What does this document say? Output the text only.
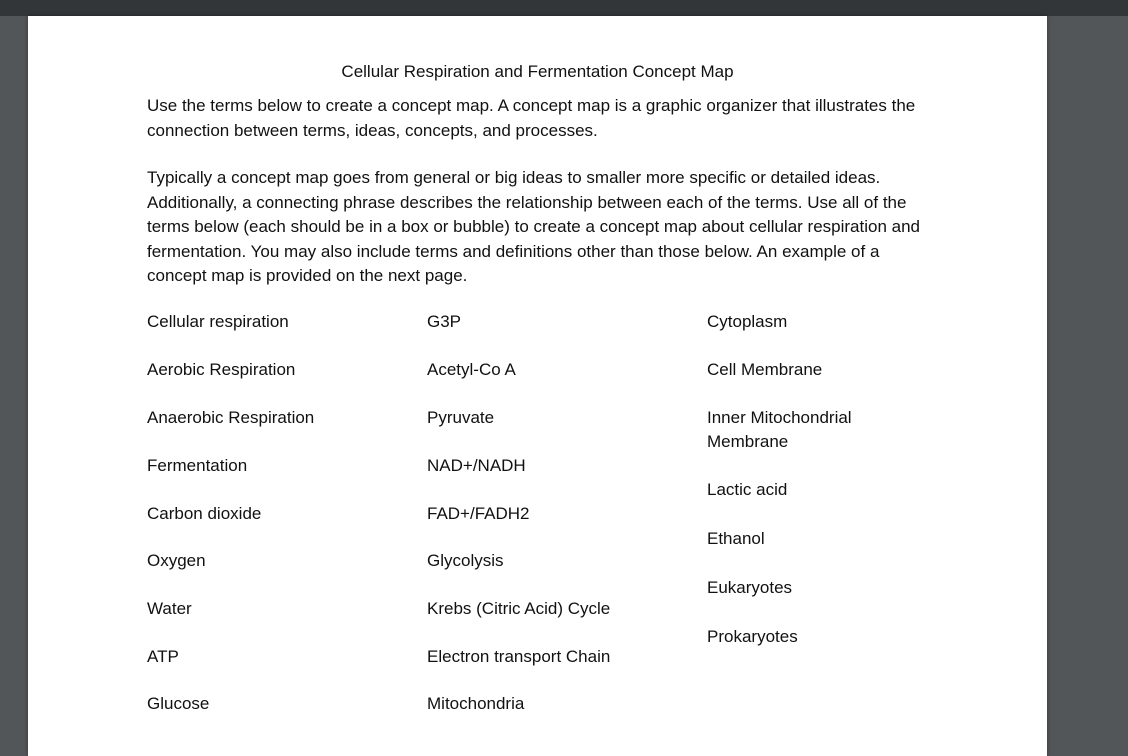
Cellular Respiration and Fermentation Concept Map

Use the terms below to create a concept map. A concept map is a graphic organizer that illustrates the connection between terms, ideas, concepts, and processes.

Typically a concept map goes from general or big ideas to smaller more specific or detailed ideas. Additionally, a connecting phrase describes the relationship between each of the terms. Use all of the terms below (each should be in a box or bubble) to create a concept map about cellular respiration and fermentation. You may also include terms and definitions other than those below. An example of a concept map is provided on the next page.

Cellular respiration
Aerobic Respiration
Anaerobic Respiration
Fermentation
Carbon dioxide
Oxygen
Water
ATP
Glucose
G3P
Acetyl-Co A
Pyruvate
NAD+/NADH
FAD+/FADH2
Glycolysis
Krebs (Citric Acid) Cycle
Electron transport Chain
Mitochondria
Cytoplasm
Cell Membrane
Inner Mitochondrial
Membrane
Lactic acid
Ethanol
Eukaryotes
Prokaryotes
